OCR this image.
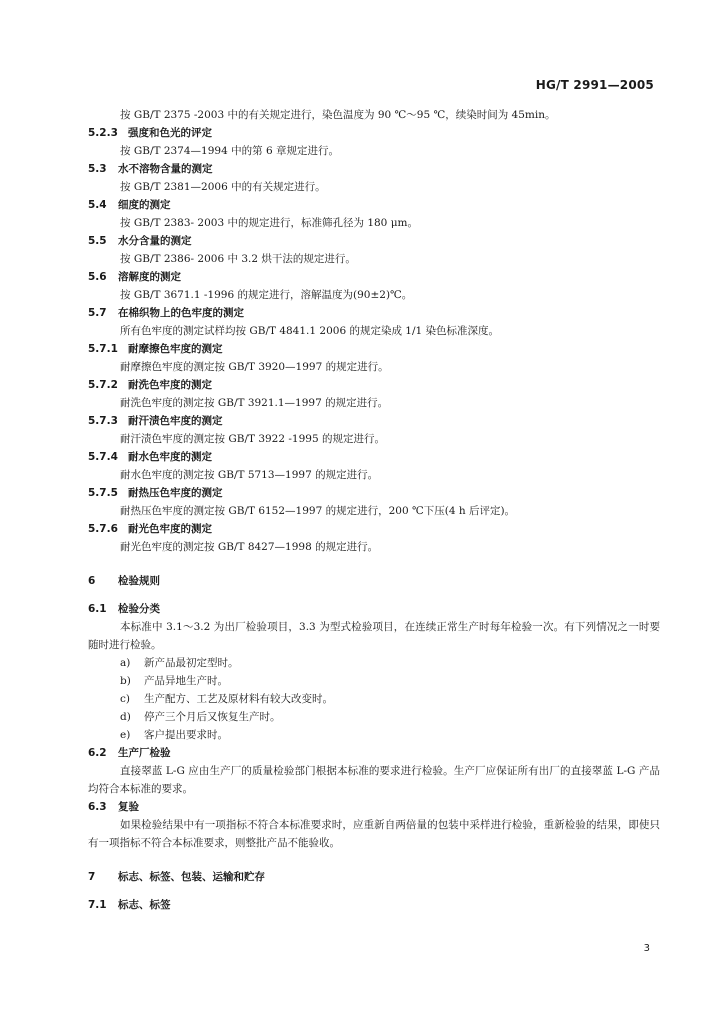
HG/T 2991—2005
按 GB/T 2375 -2003 中的有关规定进行，染色温度为 90 ℃～95 ℃，续染时间为 45min。
5.2.3 强度和色光的评定
按 GB/T 2374—1994 中的第 6 章规定进行。
5.3 水不溶物含量的测定
按 GB/T 2381—2006 中的有关规定进行。
5.4 细度的测定
按 GB/T 2383- 2003 中的规定进行，标准筛孔径为 180 μm。
5.5 水分含量的测定
按 GB/T 2386- 2006 中 3.2 烘干法的规定进行。
5.6 溶解度的测定
按 GB/T 3671.1 -1996 的规定进行，溶解温度为(90±2)℃。
5.7 在棉织物上的色牢度的测定
所有色牢度的测定试样均按 GB/T 4841.1 2006 的规定染成 1/1 染色标准深度。
5.7.1 耐摩擦色牢度的测定
耐摩擦色牢度的测定按 GB/T 3920—1997 的规定进行。
5.7.2 耐洗色牢度的测定
耐洗色牢度的测定按 GB/T 3921.1—1997 的规定进行。
5.7.3 耐汗渍色牢度的测定
耐汗渍色牢度的测定按 GB/T 3922 -1995 的规定进行。
5.7.4 耐水色牢度的测定
耐水色牢度的测定按 GB/T 5713—1997 的规定进行。
5.7.5 耐热压色牢度的测定
耐热压色牢度的测定按 GB/T 6152—1997 的规定进行，200 ℃下压(4 h 后评定)。
5.7.6 耐光色牢度的测定
耐光色牢度的测定按 GB/T 8427—1998 的规定进行。
6 检验规则
6.1 检验分类
本标准中 3.1～3.2 为出厂检验项目，3.3 为型式检验项目，在连续正常生产时每年检验一次。有下列情况之一时要随时进行检验。
a) 新产品最初定型时。
b) 产品异地生产时。
c) 生产配方、工艺及原材料有较大改变时。
d) 停产三个月后又恢复生产时。
e) 客户提出要求时。
6.2 生产厂检验
直接翠蓝 L-G 应由生产厂的质量检验部门根据本标准的要求进行检验。生产厂应保证所有出厂的直接翠蓝 L-G 产品均符合本标准的要求。
6.3 复验
如果检验结果中有一项指标不符合本标准要求时，应重新自两倍量的包装中采样进行检验，重新检验的结果，即使只有一项指标不符合本标准要求，则整批产品不能验收。
7 标志、标签、包装、运输和贮存
7.1 标志、标签
3
